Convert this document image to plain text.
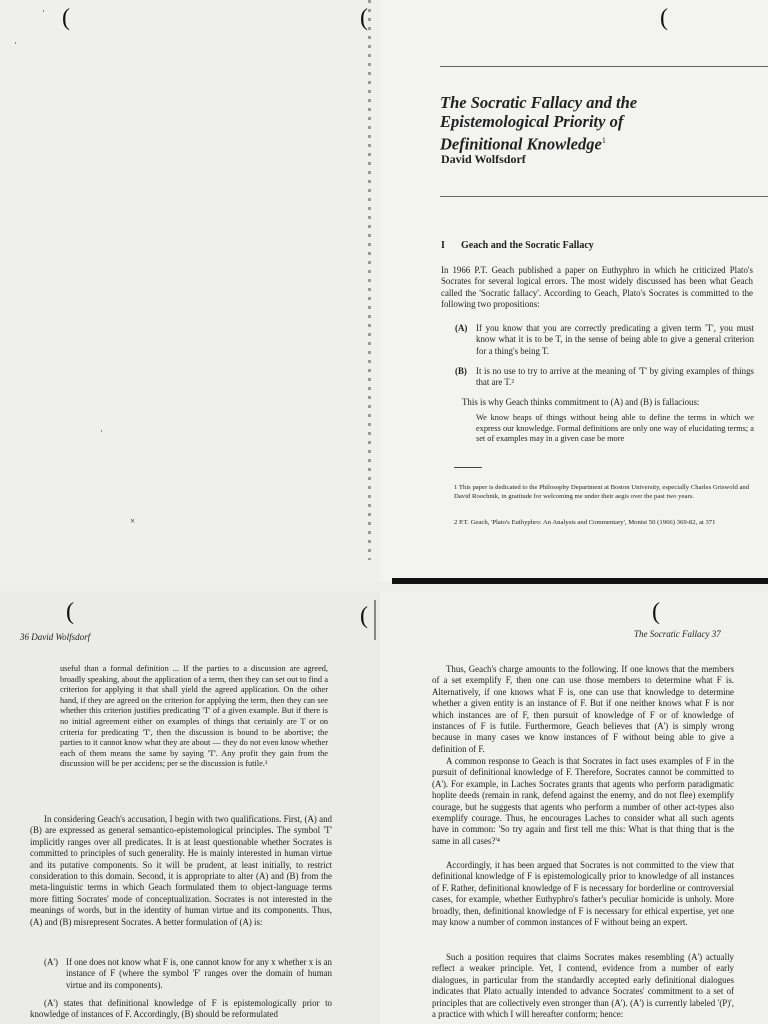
(	(	(
(	(	(
·
·
·
×
The Socratic Fallacy and the
Epistemological Priority of
Definitional Knowledge$^1$
David Wolfsdorf
I Geach and the Socratic Fallacy

In 1966 P.T. Geach published a paper on Euthyphro in which he criticized Plato's Socrates for several logical errors. The most widely discussed has been what Geach called the 'Socratic fallacy'. According to Geach, Plato's Socrates is committed to the following two propositions:

(A) If you know that you are correctly predicating a given term 'T', you must know what it is to be T, in the sense of being able to give a general criterion for a thing's being T.

(B)	It is no use to try to arrive at the meaning of 'T' by giving examples of things that are T.²

This is why Geach thinks commitment to (A) and (B) is fallacious:

We know heaps of things without being able to define the terms in which we express our knowledge. Formal definitions are only one way of elucidating terms; a set of examples may in a given case be more

1 This paper is dedicated to the Philosophy Department at Boston University, especially Charles Griswold and David Roochnik, in gratitude for welcoming me under their aegis over the past two years.

2 P.T. Geach, 'Plato's Euthyphro: An Analysis and Commentary', Monist 50 (1966) 369-82, at 371

36 David Wolfsdorf

useful than a formal definition ... If the parties to a discussion are agreed, broadly speaking, about the application of a term, then they can set out to find a criterion for applying it that shall yield the agreed application. On the other hand, if they are agreed on the criterion for applying the term, then they can see whether this criterion justifies predicating 'T' of a given example. But if there is no initial agreement either on examples of things that certainly are T or on criteria for predicating 'T', then the discussion is bound to be abortive; the parties to it cannot know what they are about — they do not even know whether each of them means the same by saying 'T'. Any profit they gain from the discussion will be per accidens; per se the discussion is futile.³

In considering Geach's accusation, I begin with two qualifications. First, (A) and (B) are expressed as general semantico-epistemological principles. The symbol 'T' implicitly ranges over all predicates. It is at least questionable whether Socrates is committed to principles of such generality. He is mainly interested in human virtue and its putative components. So it will be prudent, at least initially, to restrict consideration to this domain. Second, it is appropriate to alter (A) and (B) from the meta-linguistic terms in which Geach formulated them to object-language terms more fitting Socrates' mode of conceptualization. Socrates is not interested in the meanings of words, but in the identity of human virtue and its components. Thus, (A) and (B) misrepresent Socrates. A better formulation of (A) is:

(A') If one does not know what F is, one cannot know for any x whether x is an instance of F (where the symbol 'F' ranges over the domain of human virtue and its components).

(A') states that definitional knowledge of F is epistemologically prior to knowledge of instances of F. Accordingly, (B) should be reformulated

The Socratic Fallacy 37

Thus, Geach's charge amounts to the following. If one knows that the members of a set exemplify F, then one can use those members to determine what F is. Alternatively, if one knows what F is, one can use that knowledge to determine whether a given entity is an instance of F. But if one neither knows what F is nor which instances are of F, then pursuit of knowledge of F or of knowledge of instances of F is futile. Furthermore, Geach believes that (A') is simply wrong because in many cases we know instances of F without being able to give a definition of F.

A common response to Geach is that Socrates in fact uses examples of F in the pursuit of definitional knowledge of F. Therefore, Socrates cannot be committed to (A'). For example, in Laches Socrates grants that agents who perform paradigmatic hoplite deeds (remain in rank, defend against the enemy, and do not flee) exemplify courage, but he suggests that agents who perform a number of other act-types also exemplify courage. Thus, he encourages Laches to consider what all such agents have in common: 'So try again and first tell me this: What is that thing that is the same in all cases?'⁴

Accordingly, it has been argued that Socrates is not committed to the view that definitional knowledge of F is epistemologically prior to knowledge of all instances of F. Rather, definitional knowledge of F is necessary for borderline or controversial cases, for example, whether Euthyphro's father's peculiar homicide is unholy. More broadly, then, definitional knowledge of F is necessary for ethical expertise, yet one may know a number of common instances of F without being an expert.

Such a position requires that claims Socrates makes resembling (A') actually reflect a weaker principle. Yet, I contend, evidence from a number of early dialogues, in particular from the standardly accepted early definitional dialogues indicates that Plato actually intended to advance Socrates' commitment to a set of principles that are collectively even stronger than (A'). (A') is currently labeled '(P)', a practice with which I will hereafter conform; hence:
